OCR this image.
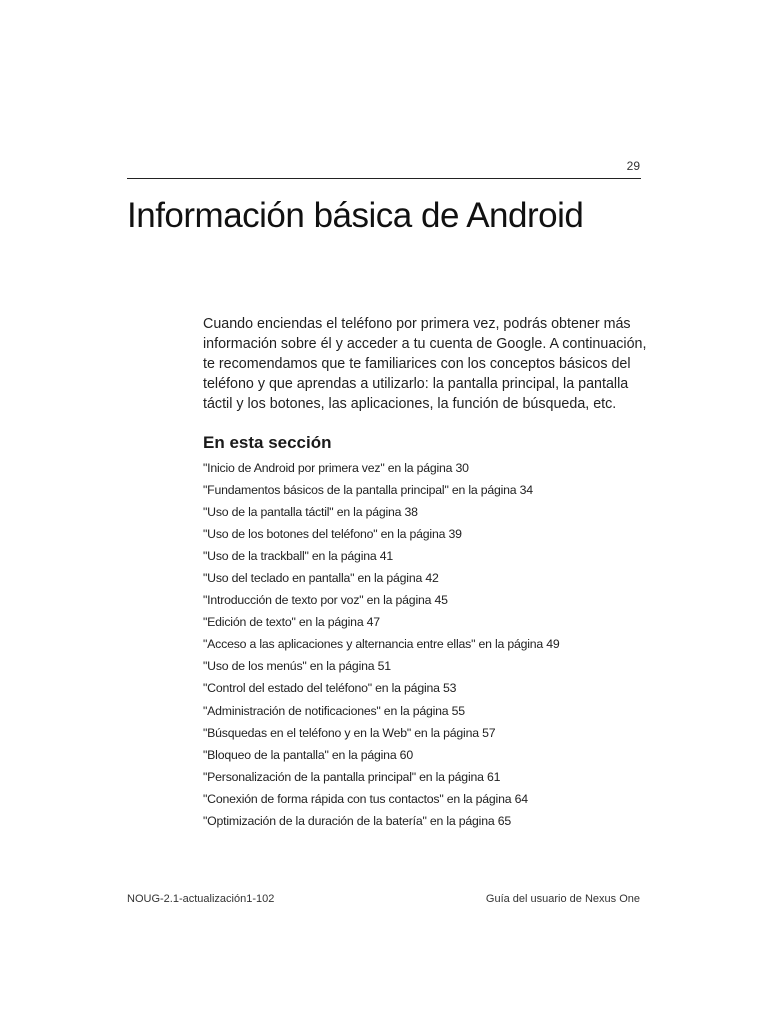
29
Información básica de Android

Cuando enciendas el teléfono por primera vez, podrás obtener más información sobre él y acceder a tu cuenta de Google. A continuación, te recomendamos que te familiarices con los conceptos básicos del teléfono y que aprendas a utilizarlo: la pantalla principal, la pantalla táctil y los botones, las aplicaciones, la función de búsqueda, etc.

En esta sección
"Inicio de Android por primera vez" en la página 30
"Fundamentos básicos de la pantalla principal" en la página 34
"Uso de la pantalla táctil" en la página 38
"Uso de los botones del teléfono" en la página 39
"Uso de la trackball" en la página 41
"Uso del teclado en pantalla" en la página 42
"Introducción de texto por voz" en la página 45
"Edición de texto" en la página 47
"Acceso a las aplicaciones y alternancia entre ellas" en la página 49
"Uso de los menús" en la página 51
"Control del estado del teléfono" en la página 53
"Administración de notificaciones" en la página 55
"Búsquedas en el teléfono y en la Web" en la página 57
"Bloqueo de la pantalla" en la página 60
"Personalización de la pantalla principal" en la página 61
"Conexión de forma rápida con tus contactos" en la página 64
"Optimización de la duración de la batería" en la página 65
NOUG-2.1-actualización1-102	Guía del usuario de Nexus One
